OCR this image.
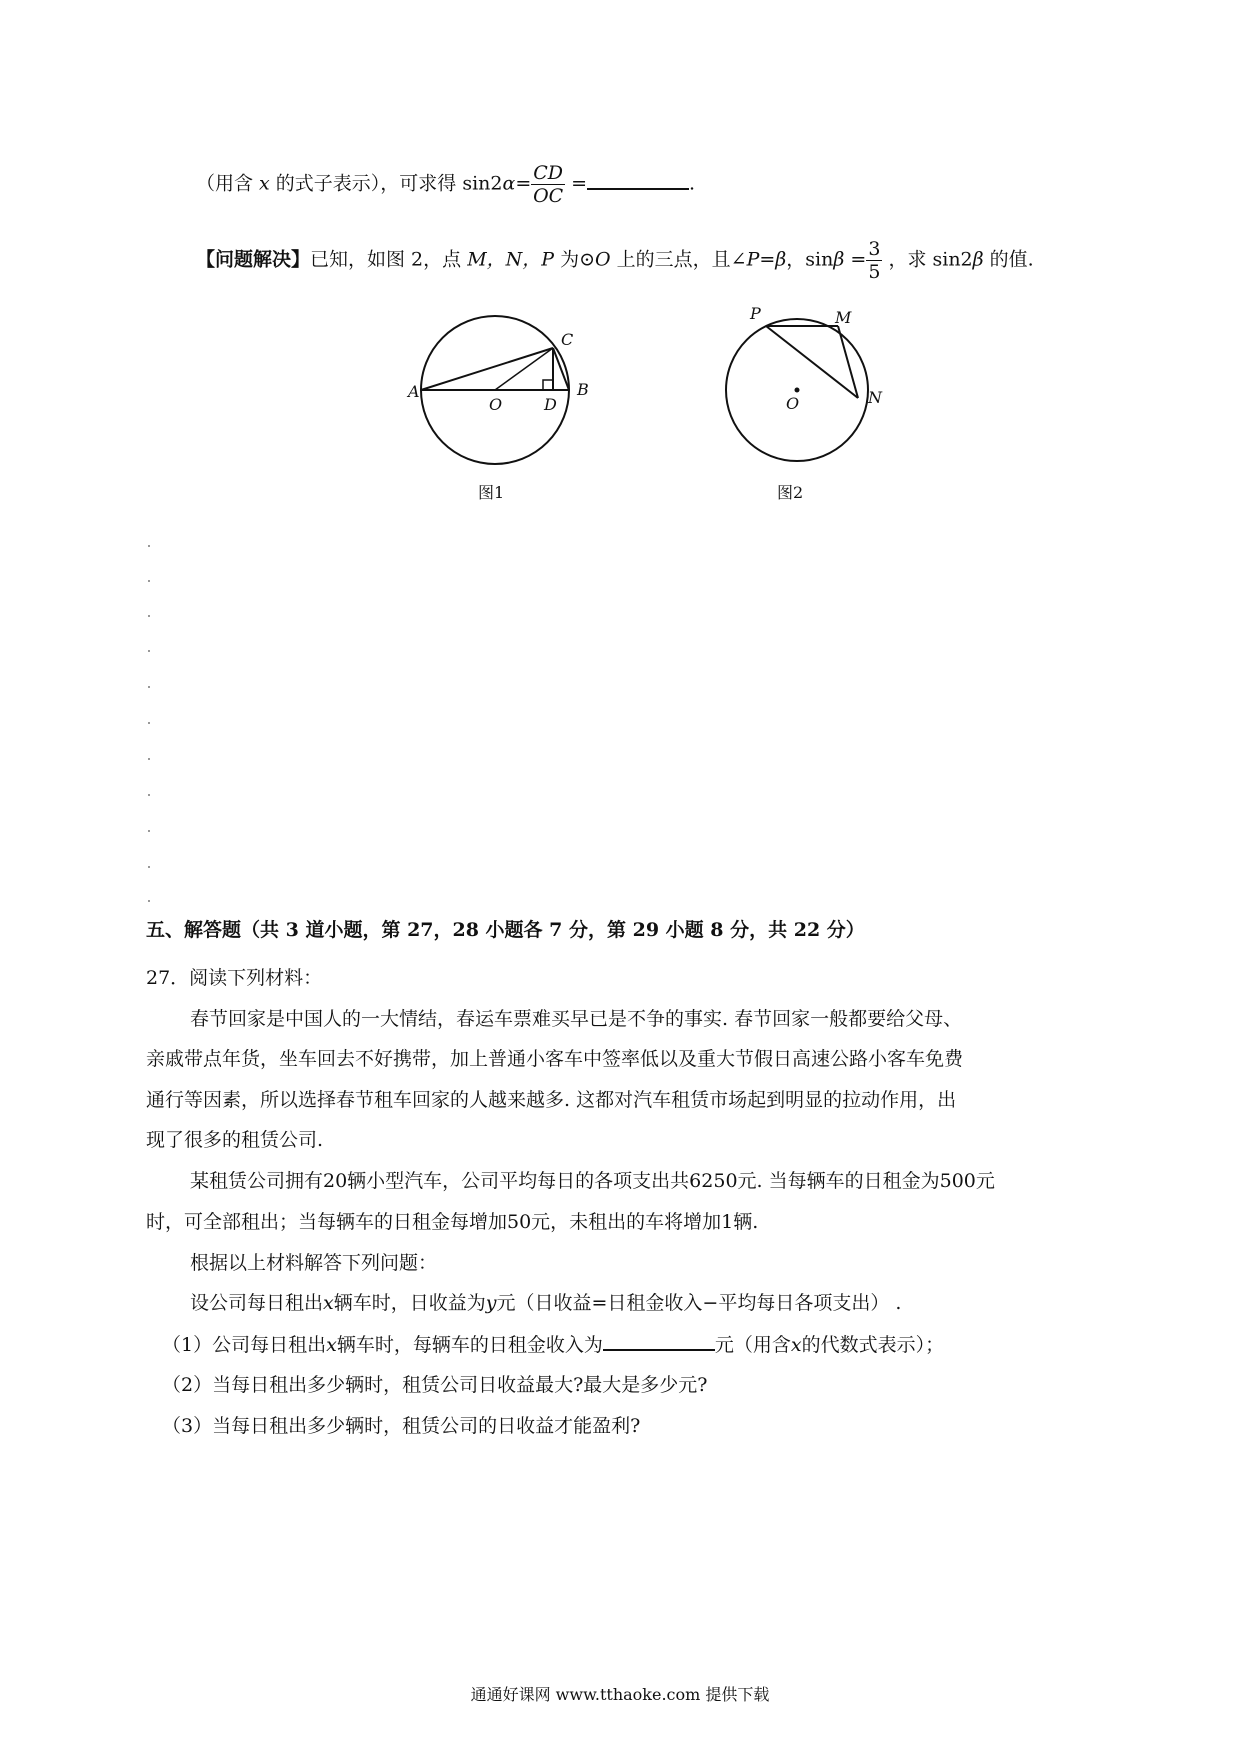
（用含 x 的式子表示），可求得 $\sin 2\alpha= \frac{CD}{OC}$ =	.
【问题解决】已知，如图 2，点 M，N，P 为⊙O 上的三点，且∠P=β，$\sin\beta = \frac{3}{5}$ ，求 sin2β 的值.
A
O	D
B
C
图1
P	M
N
O
图2
五、解答题（共 3 道小题，第 27，28 小题各 7 分，第 29 小题 8 分，共 22 分）
27．阅读下列材料：
春节回家是中国人的一大情结，春运车票难买早已是不争的事实. 春节回家一般都要给父母、
亲戚带点年货，坐车回去不好携带，加上普通小客车中签率低以及重大节假日高速公路小客车免费
通行等因素，所以选择春节租车回家的人越来越多. 这都对汽车租赁市场起到明显的拉动作用，出
现了很多的租赁公司.
某租赁公司拥有20辆小型汽车，公司平均每日的各项支出共6250元. 当每辆车的日租金为500元
时，可全部租出；当每辆车的日租金每增加50元，未租出的车将增加1辆.
根据以上材料解答下列问题：
设公司每日租出x辆车时，日收益为y元（日收益=日租金收入−平均每日各项支出） .
（1）公司每日租出x辆车时，每辆车的日租金收入为	元（用含x的代数式表示）；
（2）当每日租出多少辆时，租赁公司日收益最大?最大是多少元?
（3）当每日租出多少辆时，租赁公司的日收益才能盈利?
通通好课网 www.tthaoke.com 提供下载
